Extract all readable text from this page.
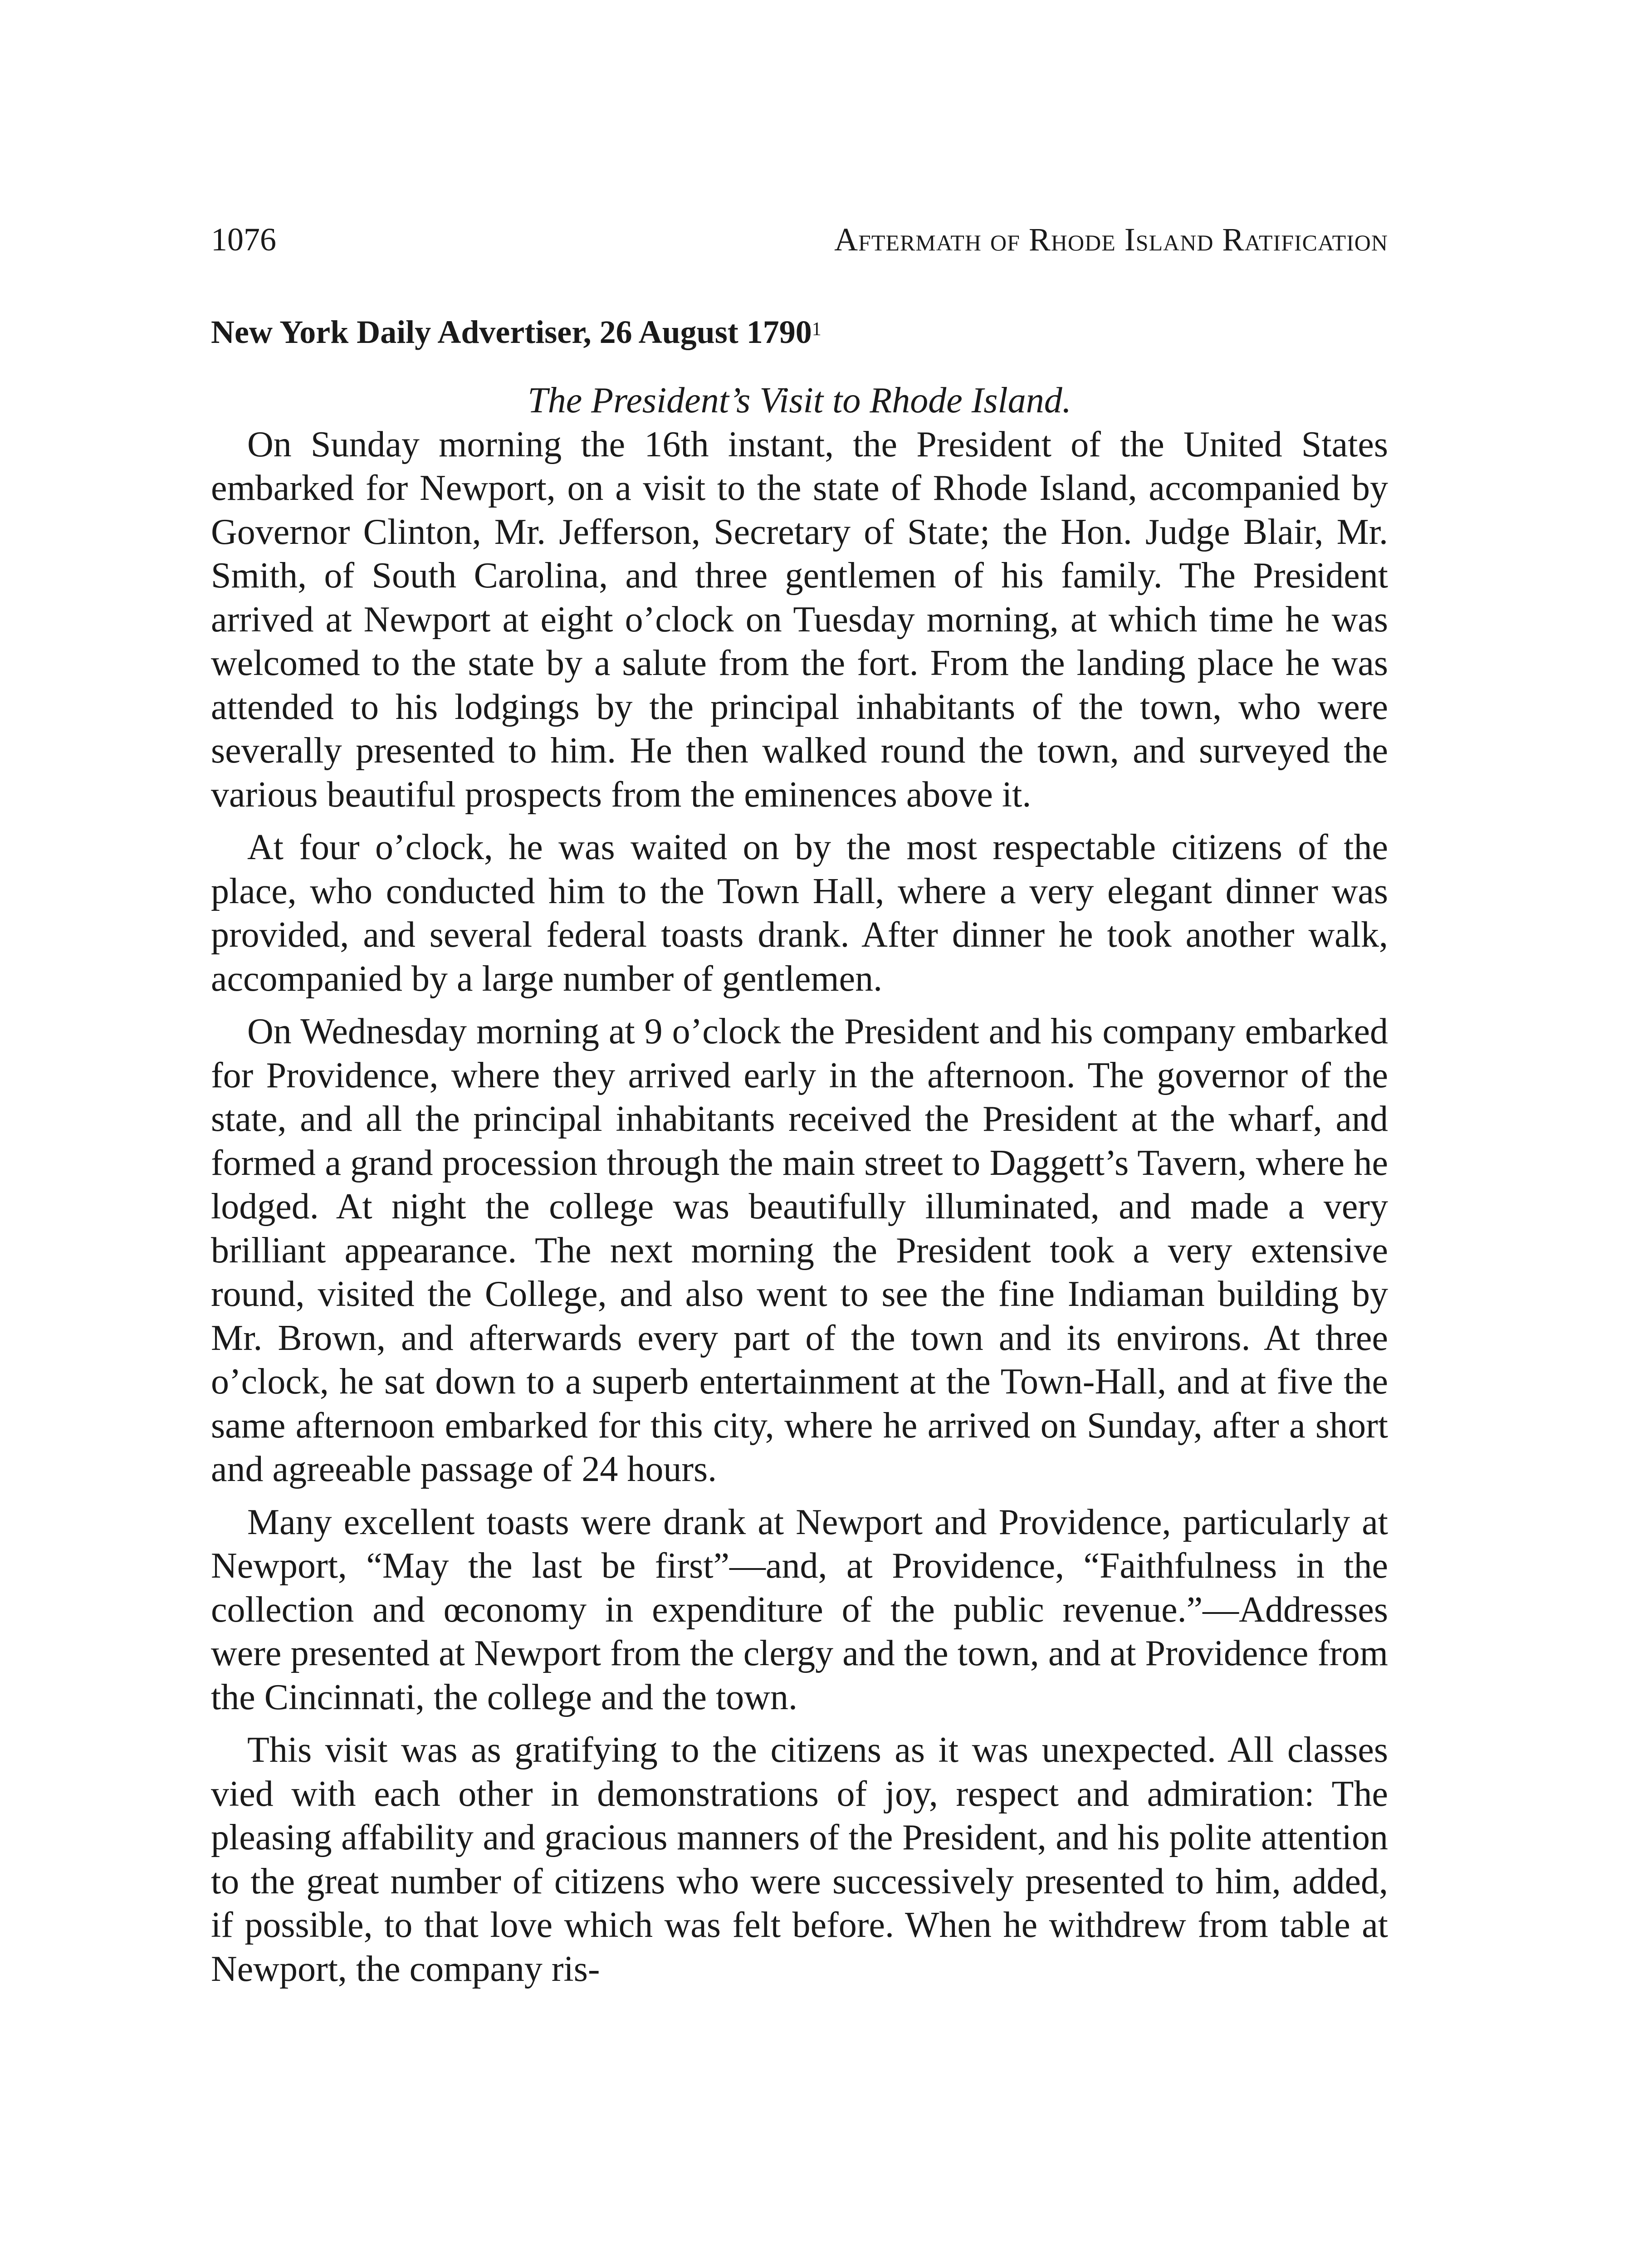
1076	Aftermath of Rhode Island Ratification
New York Daily Advertiser, 26 August 1790$^1$

The President’s Visit to Rhode Island.

On Sunday morning the 16th instant, the President of the United States embarked for Newport, on a visit to the state of Rhode Island, accompanied by Governor Clinton, Mr. Jefferson, Secretary of State; the Hon. Judge Blair, Mr. Smith, of South Carolina, and three gentlemen of his family. The President arrived at Newport at eight o’clock on Tuesday morning, at which time he was welcomed to the state by a salute from the fort. From the landing place he was attended to his lodgings by the principal inhabitants of the town, who were severally presented to him. He then walked round the town, and surveyed the various beautiful prospects from the eminences above it.

At four o’clock, he was waited on by the most respectable citizens of the place, who conducted him to the Town Hall, where a very elegant dinner was provided, and several federal toasts drank. After dinner he took another walk, accompanied by a large number of gentlemen.

On Wednesday morning at 9 o’clock the President and his company embarked for Providence, where they arrived early in the afternoon. The governor of the state, and all the principal inhabitants received the President at the wharf, and formed a grand procession through the main street to Daggett’s Tavern, where he lodged. At night the college was beautifully illuminated, and made a very brilliant appearance. The next morning the President took a very extensive round, visited the College, and also went to see the fine Indiaman building by Mr. Brown, and afterwards every part of the town and its environs. At three o’clock, he sat down to a superb entertainment at the Town-Hall, and at five the same afternoon embarked for this city, where he arrived on Sunday, after a short and agreeable passage of 24 hours.

Many excellent toasts were drank at Newport and Providence, particularly at Newport, “May the last be first”—and, at Providence, “Faithfulness in the collection and œconomy in expenditure of the public revenue.”—Addresses were presented at Newport from the clergy and the town, and at Providence from the Cincinnati, the college and the town.

This visit was as gratifying to the citizens as it was unexpected. All classes vied with each other in demonstrations of joy, respect and admiration: The pleasing affability and gracious manners of the President, and his polite attention to the great number of citizens who were successively presented to him, added, if possible, to that love which was felt before. When he withdrew from table at Newport, the company ris-
